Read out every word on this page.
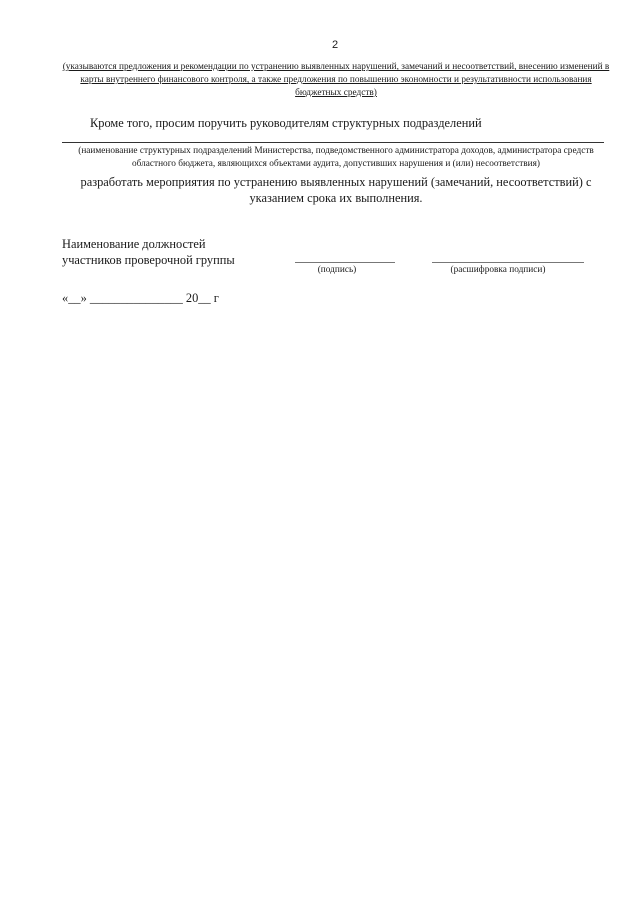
2
(указываются предложения и рекомендации по устранению выявленных нарушений, замечаний и несоответствий, внесению изменений в карты внутреннего финансового контроля, а также предложения по повышению экономности и результативности использования бюджетных средств)
Кроме того, просим поручить руководителям структурных подразделений
(наименование структурных подразделений Министерства, подведомственного администратора доходов, администратора средств областного бюджета, являющихся объектами аудита, допустивших нарушения и (или) несоответствия)
разработать мероприятия по устранению выявленных нарушений (замечаний, несоответствий) с указанием срока их выполнения.
Наименование должностей
участников проверочной группы
(подпись)	(расшифровка подписи)
«__» _______________ 20__ г
